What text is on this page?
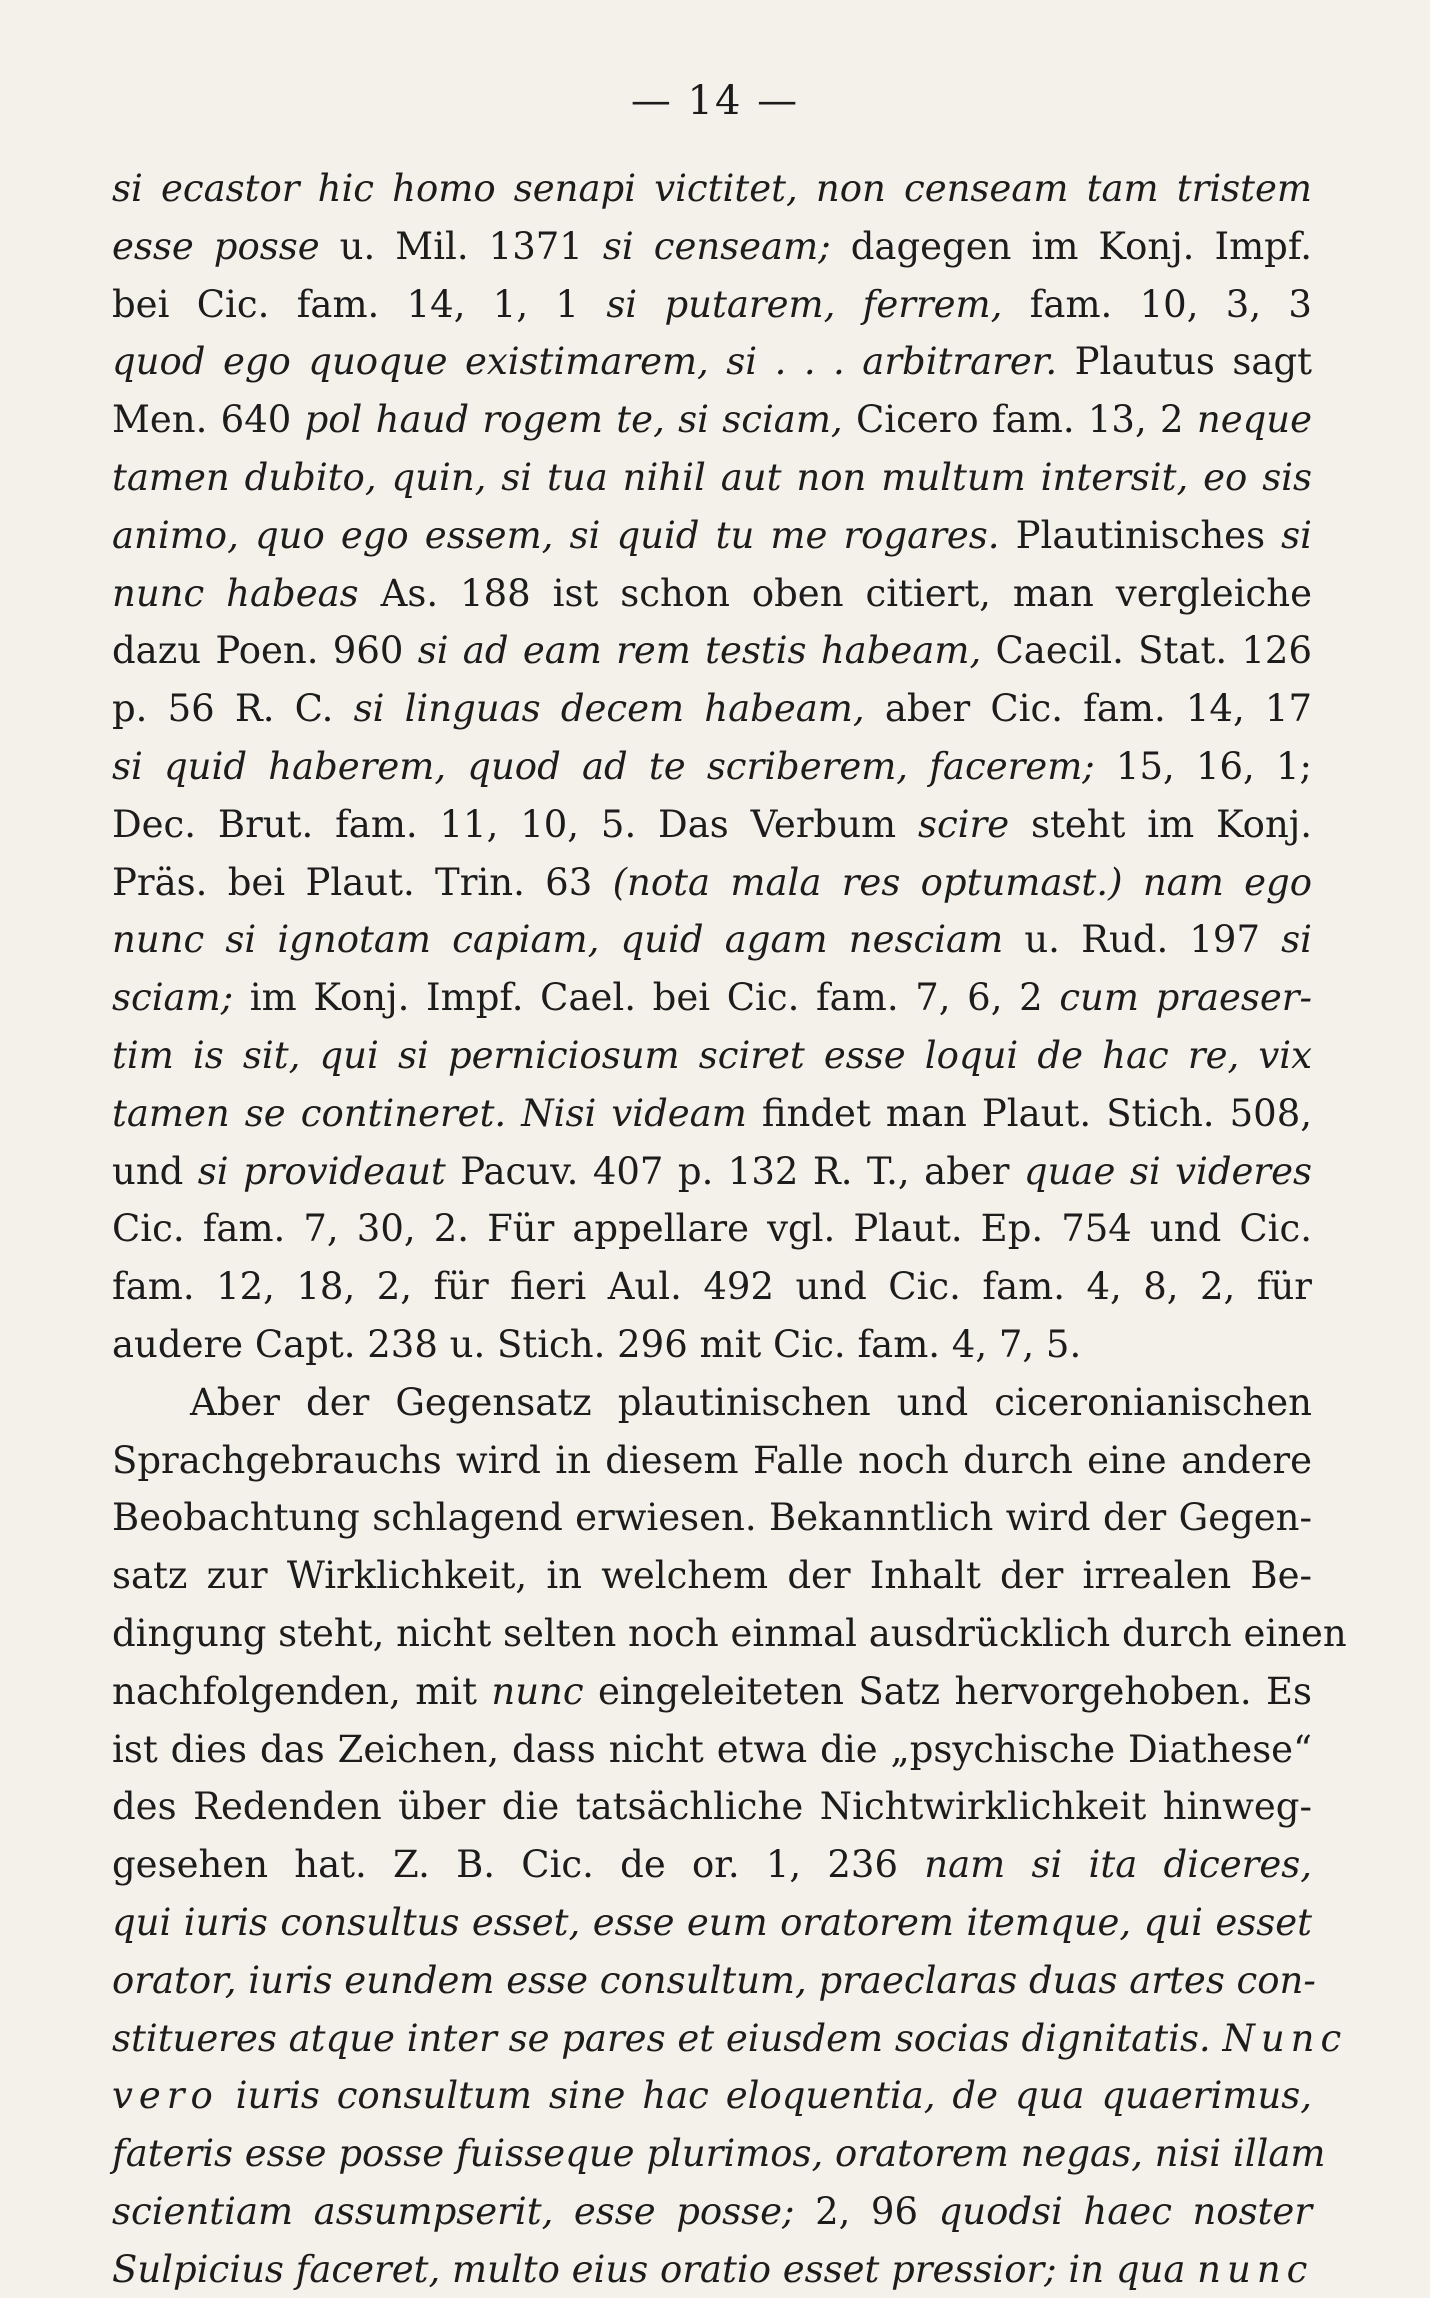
— 14 —
si ecastor hic homo senapi victitet, non censeam tam tristem
esse posse u. Mil. 1371 si censeam; dagegen im Konj. Impf.
bei Cic. fam. 14, 1, 1 si putarem, ferrem, fam. 10, 3, 3
quod ego quoque existimarem, si . . . arbitrarer. Plautus sagt
Men. 640 pol haud rogem te, si sciam, Cicero fam. 13, 2 neque
tamen dubito, quin, si tua nihil aut non multum intersit, eo sis
animo, quo ego essem, si quid tu me rogares. Plautinisches si
nunc habeas As. 188 ist schon oben citiert, man vergleiche
dazu Poen. 960 si ad eam rem testis habeam, Caecil. Stat. 126
p. 56 R. C. si linguas decem habeam, aber Cic. fam. 14, 17
si quid haberem, quod ad te scriberem, facerem; 15, 16, 1;
Dec. Brut. fam. 11, 10, 5. Das Verbum scire steht im Konj.
Präs. bei Plaut. Trin. 63 (nota mala res optumast.) nam ego
nunc si ignotam capiam, quid agam nesciam u. Rud. 197 si
sciam; im Konj. Impf. Cael. bei Cic. fam. 7, 6, 2 cum praeser-
tim is sit, qui si perniciosum sciret esse loqui de hac re, vix
tamen se contineret. Nisi videam findet man Plaut. Stich. 508,
und si provideaut Pacuv. 407 p. 132 R. T., aber quae si videres
Cic. fam. 7, 30, 2. Für appellare vgl. Plaut. Ep. 754 und Cic.
fam. 12, 18, 2, für fieri Aul. 492 und Cic. fam. 4, 8, 2, für
audere Capt. 238 u. Stich. 296 mit Cic. fam. 4, 7, 5.
Aber der Gegensatz plautinischen und ciceronianischen
Sprachgebrauchs wird in diesem Falle noch durch eine andere
Beobachtung schlagend erwiesen. Bekanntlich wird der Gegen-
satz zur Wirklichkeit, in welchem der Inhalt der irrealen Be-
dingung steht, nicht selten noch einmal ausdrücklich durch einen
nachfolgenden, mit nunc eingeleiteten Satz hervorgehoben. Es
ist dies das Zeichen, dass nicht etwa die „psychische Diathese“
des Redenden über die tatsächliche Nichtwirklichkeit hinweg-
gesehen hat. Z. B. Cic. de or. 1, 236 nam si ita diceres,
qui iuris consultus esset, esse eum oratorem itemque, qui esset
orator, iuris eundem esse consultum, praeclaras duas artes con-
stitueres atque inter se pares et eiusdem socias dignitatis. Nunc
vero iuris consultum sine hac eloquentia, de qua quaerimus,
fateris esse posse fuisseque plurimos, oratorem negas, nisi illam
scientiam assumpserit, esse posse; 2, 96 quodsi haec noster
Sulpicius faceret, multo eius oratio esset pressior; in qua nunc
